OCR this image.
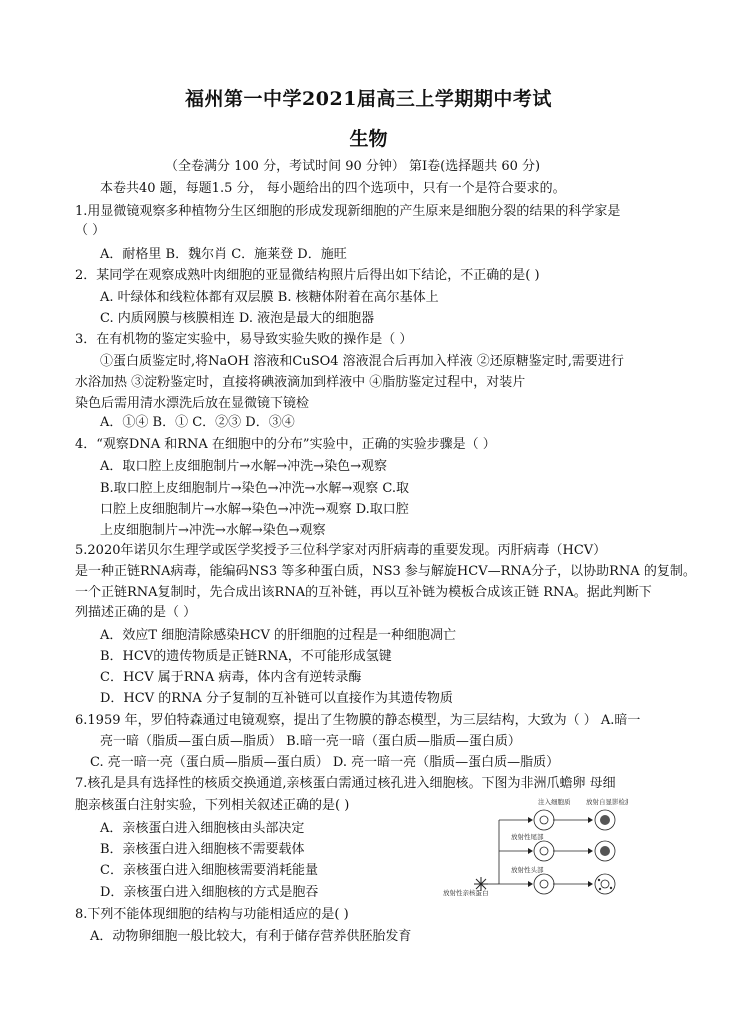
福州第一中学2021届高三上学期期中考试
生物
（全卷满分 100 分，考试时间 90 分钟） 第Ⅰ卷(选择题共 60 分)
本卷共40 题，每题1.5 分， 每小题给出的四个选项中，只有一个是符合要求的。
1.用显微镜观察多种植物分生区细胞的形成发现新细胞的产生原来是细胞分裂的结果的科学家是
（ ）
A．耐格里 B．魏尔肖 C．施莱登 D．施旺
2．某同学在观察成熟叶肉细胞的亚显微结构照片后得出如下结论，不正确的是( )
A. 叶绿体和线粒体都有双层膜 B. 核糖体附着在高尔基体上
C. 内质网膜与核膜相连 D. 液泡是最大的细胞器
3．在有机物的鉴定实验中，易导致实验失败的操作是（ ）
①蛋白质鉴定时,将NaOH 溶液和CuSO4 溶液混合后再加入样液 ②还原糖鉴定时,需要进行
水浴加热 ③淀粉鉴定时，直接将碘液滴加到样液中 ④脂肪鉴定过程中，对装片
染色后需用清水漂洗后放在显微镜下镜检
A．①④ B．① C．②③ D．③④
4．“观察DNA 和RNA 在细胞中的分布”实验中，正确的实验步骤是（ ）
A．取口腔上皮细胞制片→水解→冲洗→染色→观察
B.取口腔上皮细胞制片→染色→冲洗→水解→观察 C.取
口腔上皮细胞制片→水解→染色→冲洗→观察 D.取口腔
上皮细胞制片→冲洗→水解→染色→观察
5.2020年诺贝尔生理学或医学奖授予三位科学家对丙肝病毒的重要发现。丙肝病毒（HCV）
是一种正链RNA病毒，能编码NS3 等多种蛋白质，NS3 参与解旋HCV—RNA分子，以协助RNA 的复制。
一个正链RNA复制时，先合成出该RNA的互补链，再以互补链为模板合成该正链 RNA。据此判断下
列描述正确的是（ ）
A．效应T 细胞清除感染HCV 的肝细胞的过程是一种细胞凋亡
B．HCV的遗传物质是正链RNA，不可能形成氢键
C．HCV 属于RNA 病毒，体内含有逆转录酶
D．HCV 的RNA 分子复制的互补链可以直接作为其遗传物质
6.1959 年，罗伯特森通过电镜观察，提出了生物膜的静态模型，为三层结构，大致为（ ） A.暗一
亮一暗（脂质—蛋白质—脂质） B.暗一亮一暗（蛋白质—脂质—蛋白质）
C. 亮一暗一亮（蛋白质—脂质—蛋白质） D. 亮一暗一亮（脂质—蛋白质—脂质）
7.核孔是具有选择性的核质交换通道,亲核蛋白需通过核孔进入细胞核。下图为非洲爪蟾卵 母细
胞亲核蛋白注射实验，下列相关叙述正确的是( )
A．亲核蛋白进入细胞核由头部决定
B．亲核蛋白进入细胞核不需要载体
C．亲核蛋白进入细胞核需要消耗能量
D．亲核蛋白进入细胞核的方式是胞吞
注入细胞质 放射自显影检测
放射性尾部
放射性头部
放射性亲核蛋白
8.下列不能体现细胞的结构与功能相适应的是( )
A．动物卵细胞一般比较大，有利于储存营养供胚胎发育
